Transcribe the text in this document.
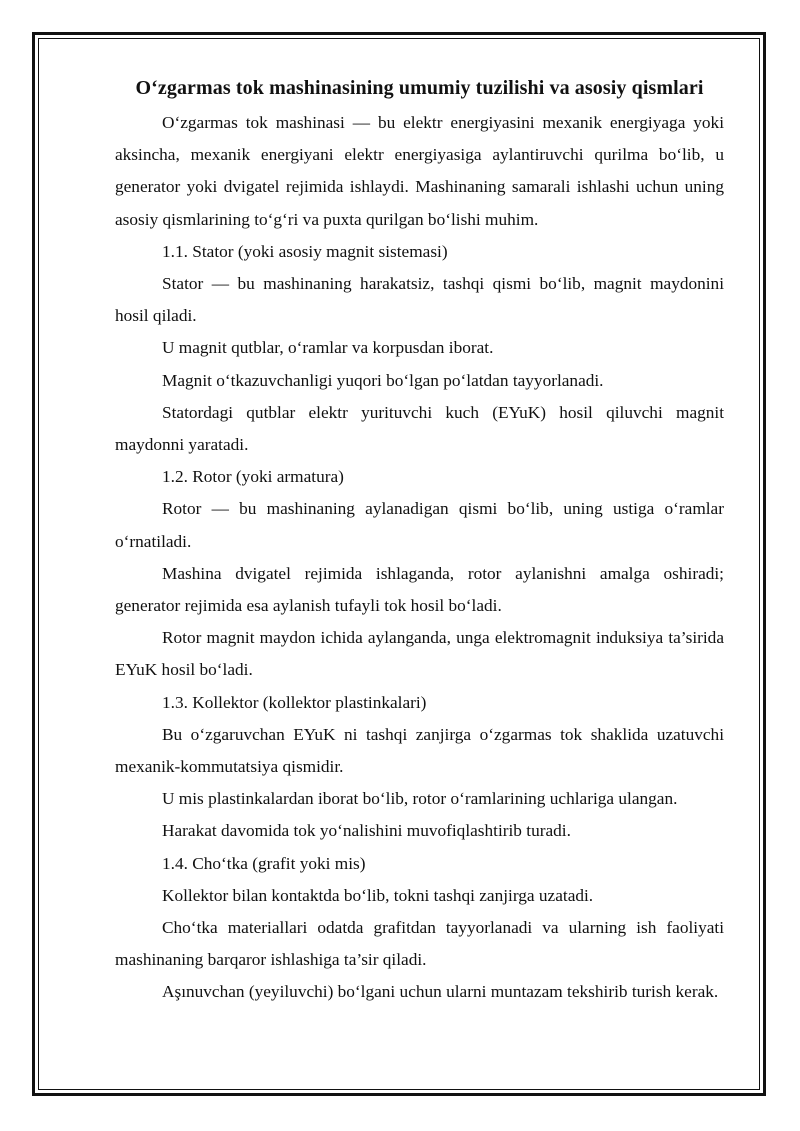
O‘zgarmas tok mashinasining umumiy tuzilishi va asosiy qismlari

O‘zgarmas tok mashinasi — bu elektr energiyasini mexanik energiyaga yoki aksincha, mexanik energiyani elektr energiyasiga aylantiruvchi qurilma bo‘lib, u generator yoki dvigatel rejimida ishlaydi. Mashinaning samarali ishlashi uchun uning asosiy qismlarining to‘g‘ri va puxta qurilgan bo‘lishi muhim.

1.1. Stator (yoki asosiy magnit sistemasi)

Stator — bu mashinaning harakatsiz, tashqi qismi bo‘lib, magnit maydonini hosil qiladi.

U magnit qutblar, o‘ramlar va korpusdan iborat.

Magnit o‘tkazuvchanligi yuqori bo‘lgan po‘latdan tayyorlanadi.

Statordagi qutblar elektr yurituvchi kuch (EYuK) hosil qiluvchi magnit maydonni yaratadi.

1.2. Rotor (yoki armatura)

Rotor — bu mashinaning aylanadigan qismi bo‘lib, uning ustiga o‘ramlar o‘rnatiladi.

Mashina dvigatel rejimida ishlaganda, rotor aylanishni amalga oshiradi; generator rejimida esa aylanish tufayli tok hosil bo‘ladi.

Rotor magnit maydon ichida aylanganda, unga elektromagnit induksiya ta’sirida EYuK hosil bo‘ladi.

1.3. Kollektor (kollektor plastinkalari)

Bu o‘zgaruvchan EYuK ni tashqi zanjirga o‘zgarmas tok shaklida uzatuvchi mexanik-kommutatsiya qismidir.

U mis plastinkalardan iborat bo‘lib, rotor o‘ramlarining uchlariga ulangan.

Harakat davomida tok yo‘nalishini muvofiqlashtirib turadi.

1.4. Cho‘tka (grafit yoki mis)

Kollektor bilan kontaktda bo‘lib, tokni tashqi zanjirga uzatadi.

Cho‘tka materiallari odatda grafitdan tayyorlanadi va ularning ish faoliyati mashinaning barqaror ishlashiga ta’sir qiladi.

Aşınuvchan (yeyiluvchi) bo‘lgani uchun ularni muntazam tekshirib turish kerak.
